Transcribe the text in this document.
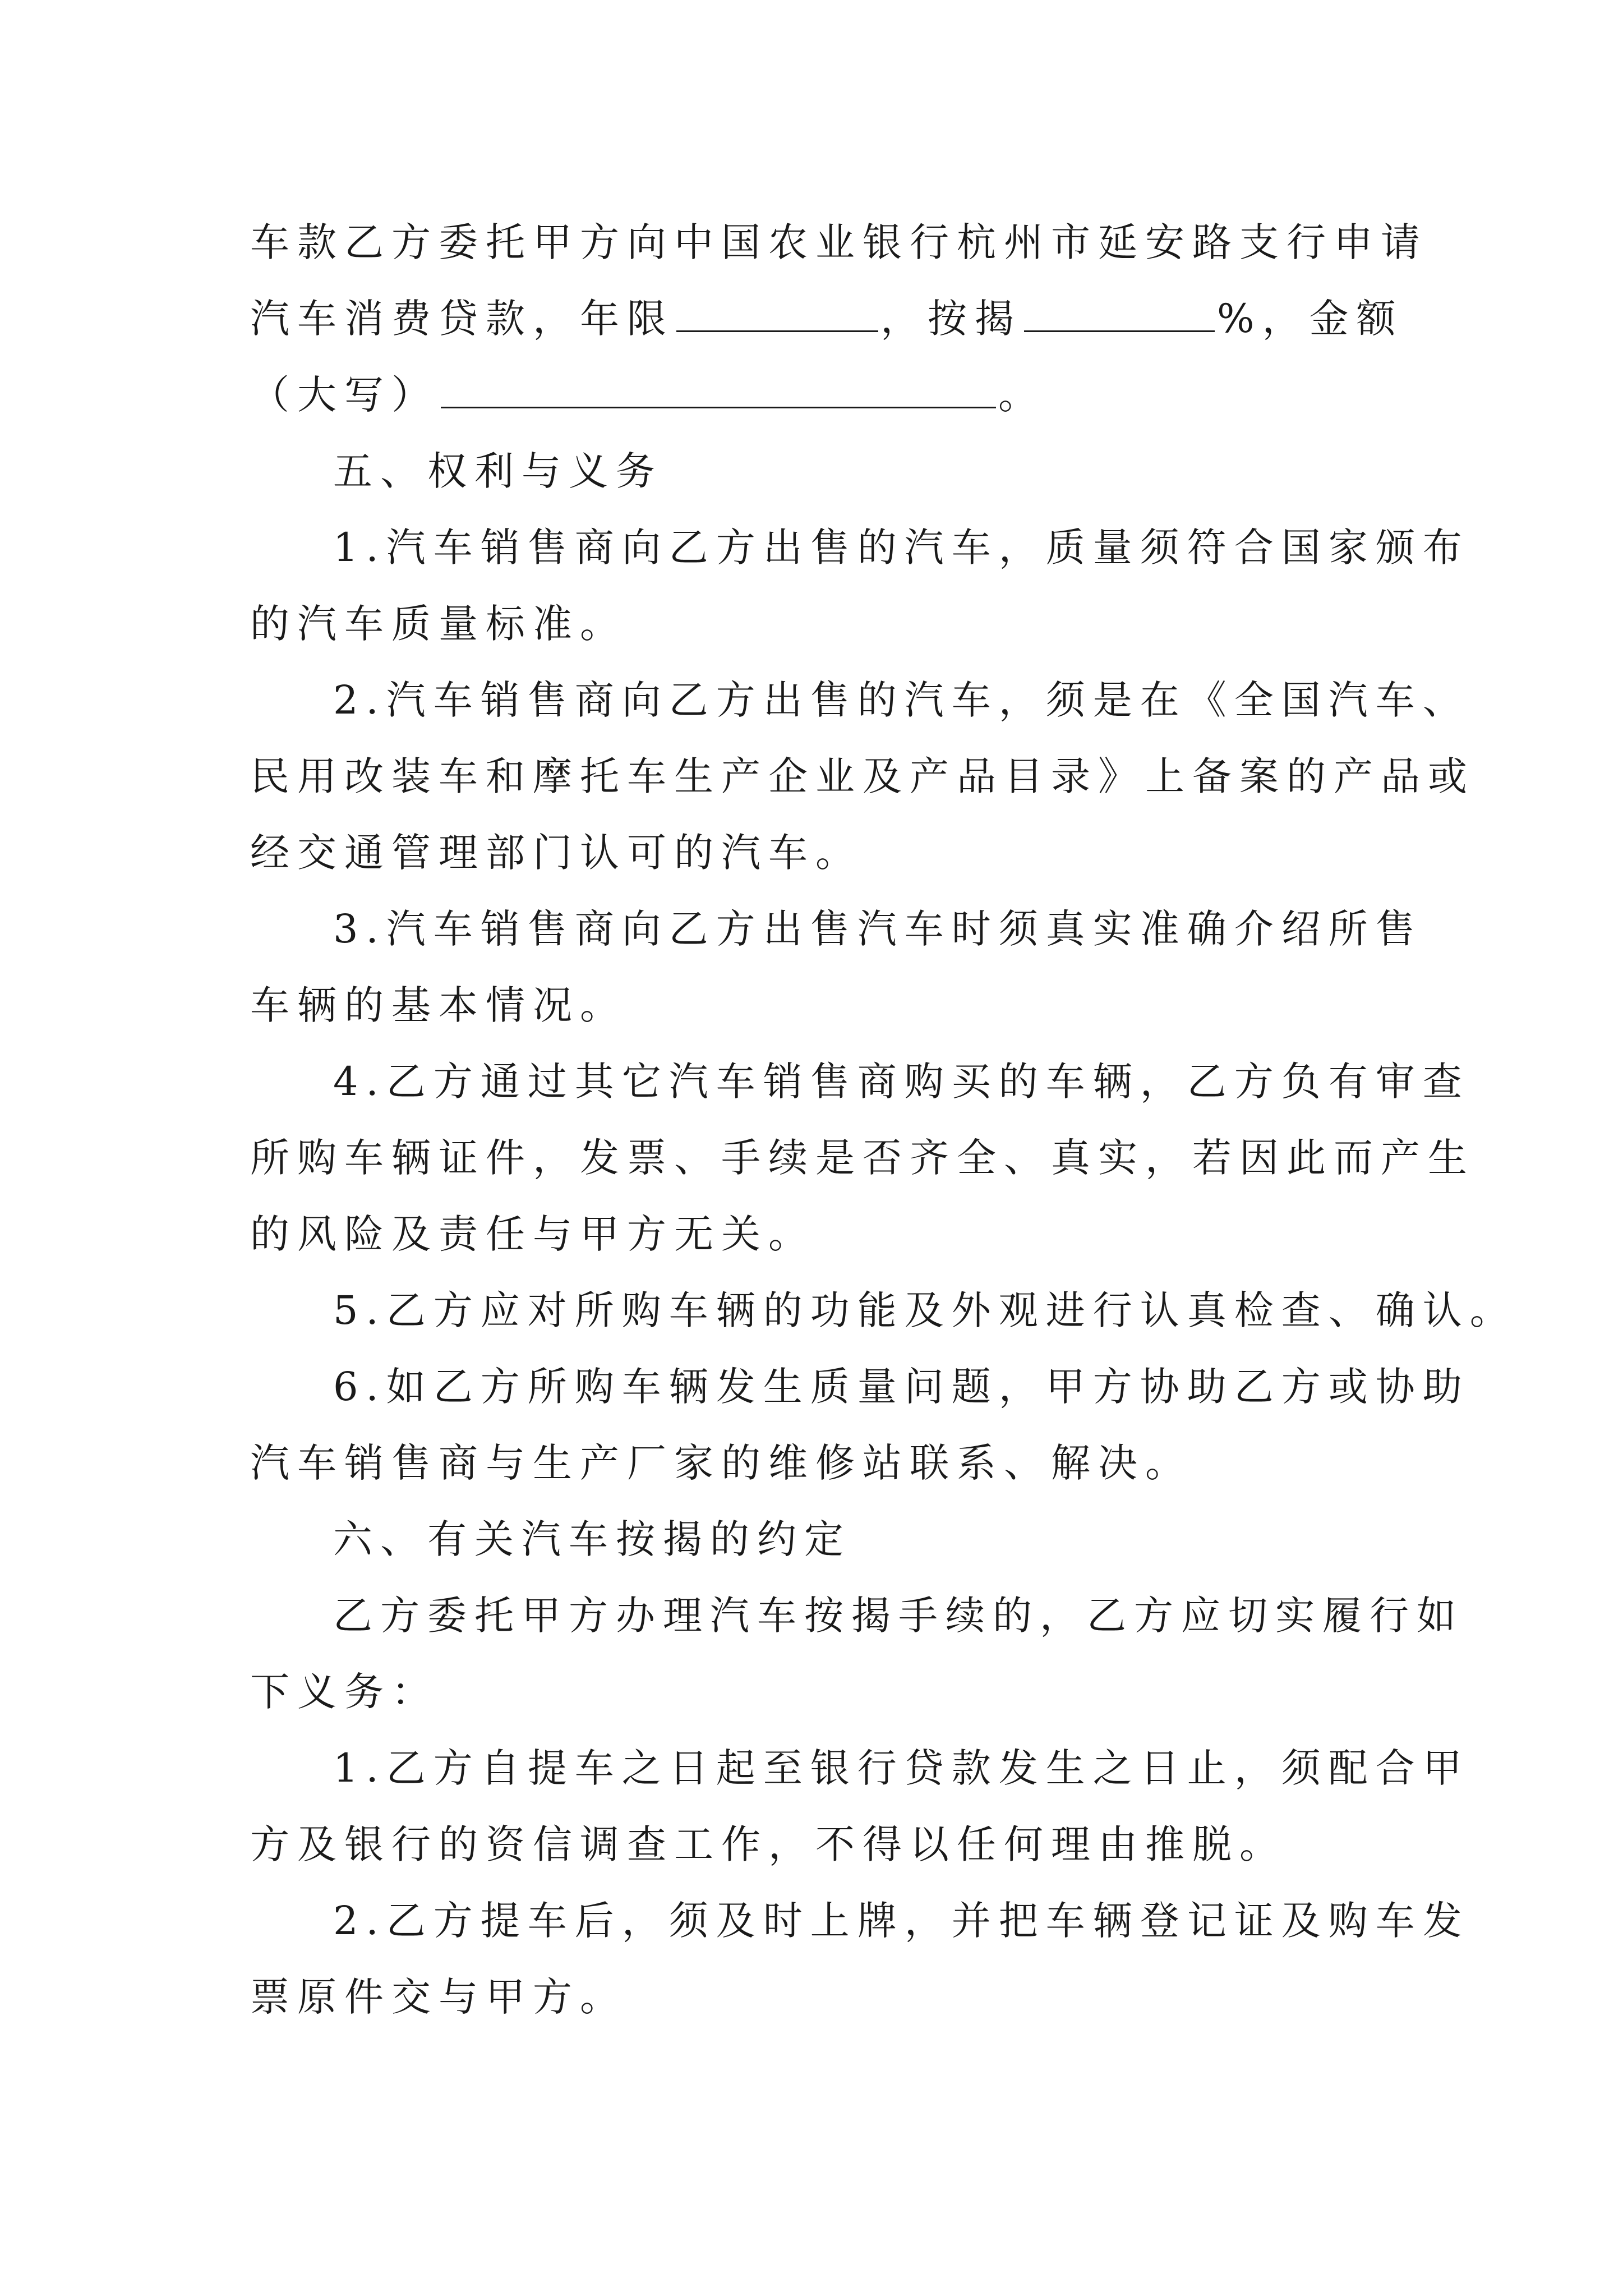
车款乙方委托甲方向中国农业银行杭州市延安路支行申请
汽车消费贷款，年限	，按揭	%，金额
（大写）	。
五、权利与义务
1.汽车销售商向乙方出售的汽车，质量须符合国家颁布
的汽车质量标准。
2.汽车销售商向乙方出售的汽车，须是在《全国汽车、
民用改装车和摩托车生产企业及产品目录》上备案的产品或
经交通管理部门认可的汽车。
3.汽车销售商向乙方出售汽车时须真实准确介绍所售
车辆的基本情况。
4.乙方通过其它汽车销售商购买的车辆，乙方负有审查
所购车辆证件，发票、手续是否齐全、真实，若因此而产生
的风险及责任与甲方无关。
5.乙方应对所购车辆的功能及外观进行认真检查、确认。
6.如乙方所购车辆发生质量问题，甲方协助乙方或协助
汽车销售商与生产厂家的维修站联系、解决。
六、有关汽车按揭的约定
乙方委托甲方办理汽车按揭手续的，乙方应切实履行如
下义务：
1.乙方自提车之日起至银行贷款发生之日止，须配合甲
方及银行的资信调查工作，不得以任何理由推脱。
2.乙方提车后，须及时上牌，并把车辆登记证及购车发
票原件交与甲方。
